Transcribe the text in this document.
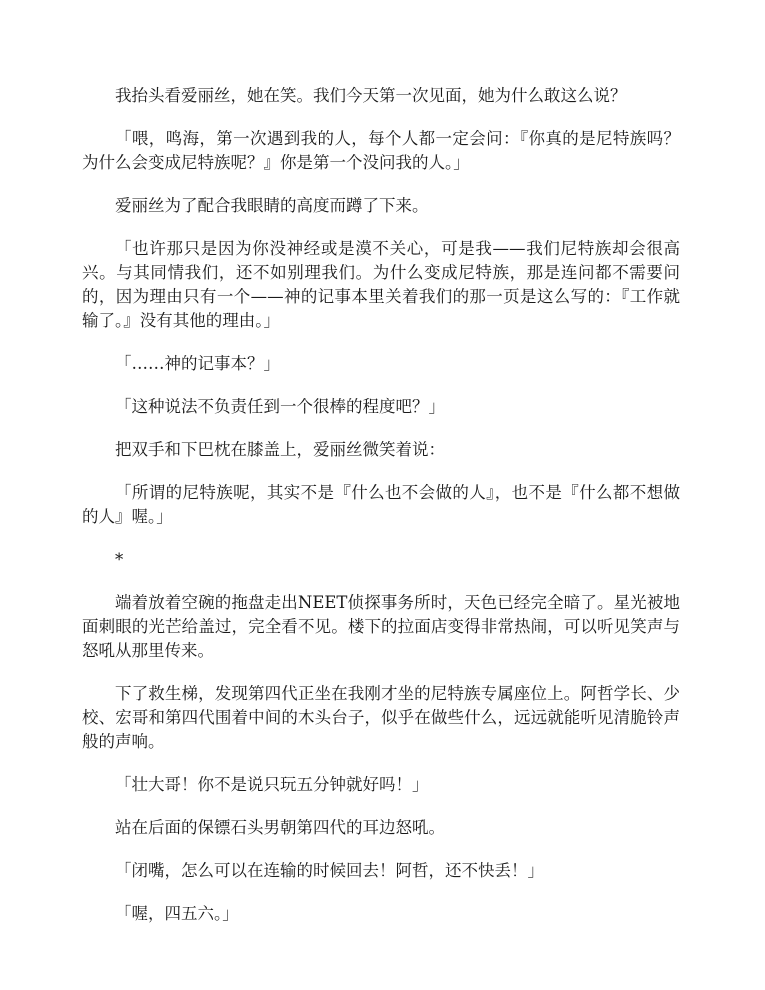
我抬头看爱丽丝，她在笑。我们今天第一次见面，她为什么敢这么说？

「喂，鸣海，第一次遇到我的人，每个人都一定会问：『你真的是尼特族吗？为什么会变成尼特族呢？』你是第一个没问我的人。」

爱丽丝为了配合我眼睛的高度而蹲了下来。

「也许那只是因为你没神经或是漠不关心，可是我——我们尼特族却会很高兴。与其同情我们，还不如别理我们。为什么变成尼特族，那是连问都不需要问的，因为理由只有一个——神的记事本里关着我们的那一页是这么写的：『工作就输了。』没有其他的理由。」

「……神的记事本？」

「这种说法不负责任到一个很棒的程度吧？」

把双手和下巴枕在膝盖上，爱丽丝微笑着说：

「所谓的尼特族呢，其实不是『什么也不会做的人』，也不是『什么都不想做的人』喔。」

*

端着放着空碗的拖盘走出NEET侦探事务所时，天色已经完全暗了。星光被地面刺眼的光芒给盖过，完全看不见。楼下的拉面店变得非常热闹，可以听见笑声与怒吼从那里传来。

下了救生梯，发现第四代正坐在我刚才坐的尼特族专属座位上。阿哲学长、少校、宏哥和第四代围着中间的木头台子，似乎在做些什么，远远就能听见清脆铃声般的声响。

「壮大哥！你不是说只玩五分钟就好吗！」

站在后面的保镖石头男朝第四代的耳边怒吼。

「闭嘴，怎么可以在连输的时候回去！阿哲，还不快丢！」

「喔，四五六。」
